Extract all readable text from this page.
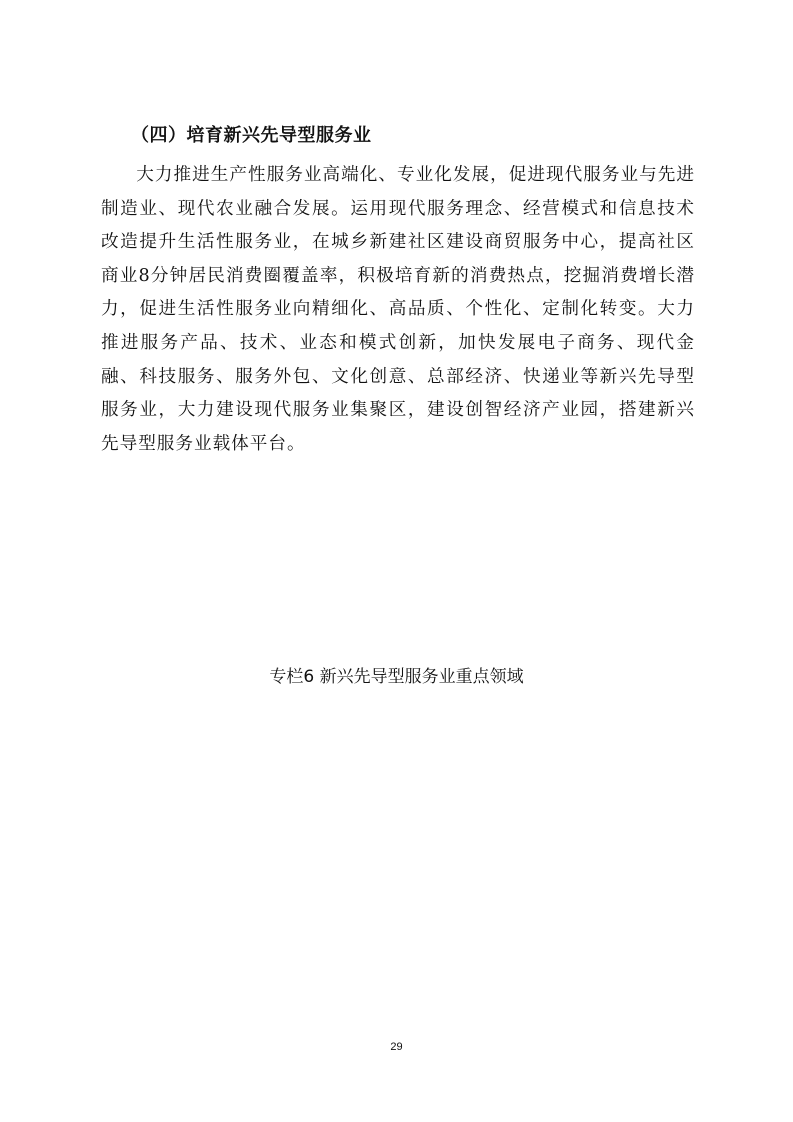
（四）培育新兴先导型服务业

大力推进生产性服务业高端化、专业化发展，促进现代服务业与先进制造业、现代农业融合发展。运用现代服务理念、经营模式和信息技术改造提升生活性服务业，在城乡新建社区建设商贸服务中心，提高社区商业8分钟居民消费圈覆盖率，积极培育新的消费热点，挖掘消费增长潜力，促进生活性服务业向精细化、高品质、个性化、定制化转变。大力推进服务产品、技术、业态和模式创新，加快发展电子商务、现代金融、科技服务、服务外包、文化创意、总部经济、快递业等新兴先导型服务业，大力建设现代服务业集聚区，建设创智经济产业园，搭建新兴先导型服务业载体平台。

专栏6 新兴先导型服务业重点领域
29
